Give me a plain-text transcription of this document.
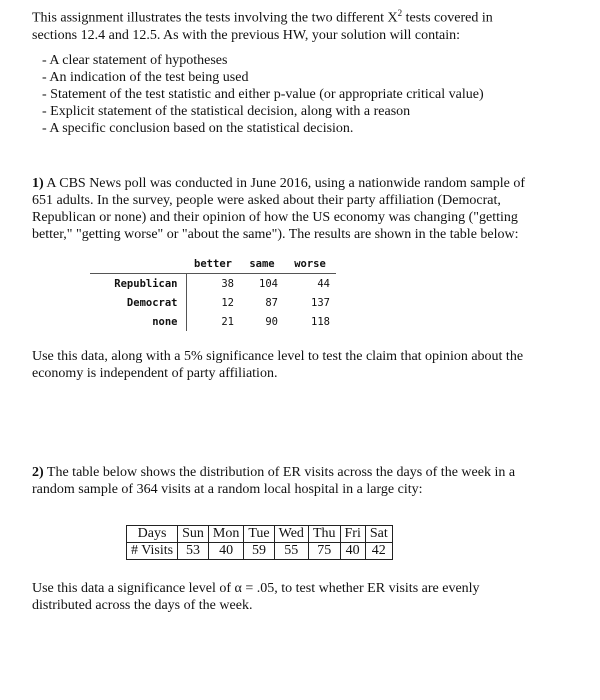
This assignment illustrates the tests involving the two different $X^2$ tests covered in
sections 12.4 and 12.5. As with the previous HW, your solution will contain:
- A clear statement of hypotheses
- An indication of the test being used
- Statement of the test statistic and either p-value (or appropriate critical value)
- Explicit statement of the statistical decision, along with a reason
- A specific conclusion based on the statistical decision.
1) A CBS News poll was conducted in June 2016, using a nationwide random sample of
651 adults. In the survey, people were asked about their party affiliation (Democrat,
Republican or none) and their opinion of how the US economy was changing ("getting
better," "getting worse" or "about the same"). The results are shown in the table below:
	better	same	worse
Republican	38	104	44
Democrat	12	87	137
none	21	90	118
Use this data, along with a 5% significance level to test the claim that opinion about the
economy is independent of party affiliation.
2) The table below shows the distribution of ER visits across the days of the week in a
random sample of 364 visits at a random local hospital in a large city:
Days	Sun	Mon	Tue	Wed	Thu	Fri	Sat
# Visits	53	40	59	55	75	40	42
Use this data a significance level of α = .05, to test whether ER visits are evenly
distributed across the days of the week.
